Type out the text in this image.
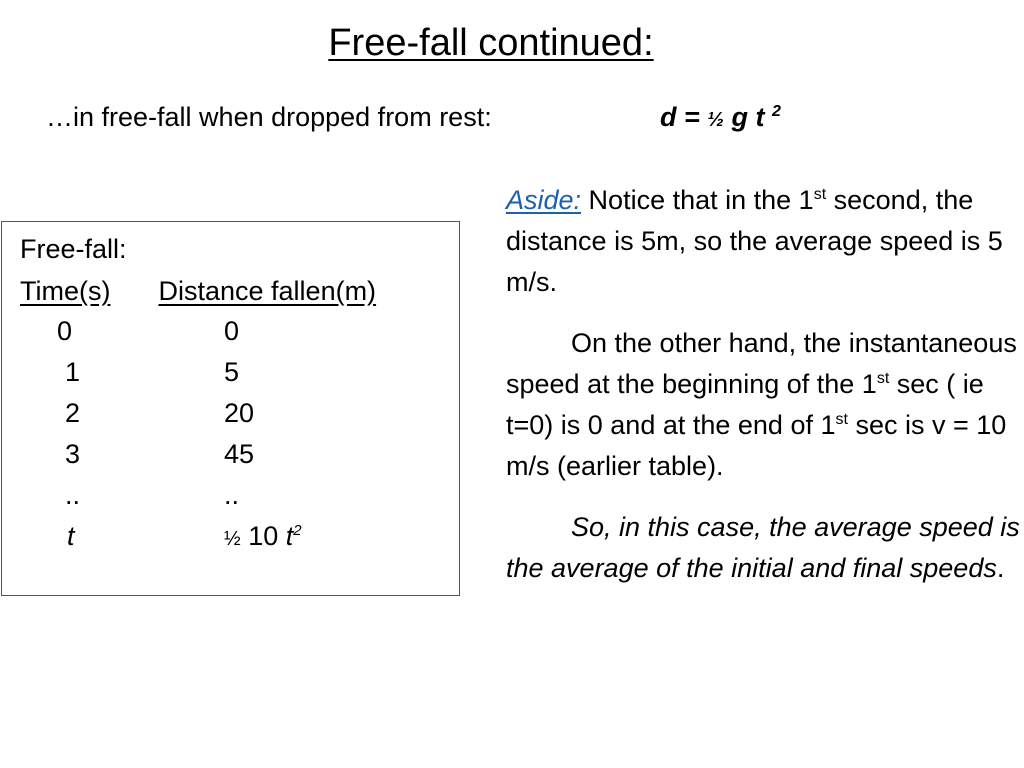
Free-fall continued:
…in free-fall when dropped from rest:	d = ½ g t $^2$
Free-fall:
Time(s) Distance fallen(m)
0	0
1	5
2	20
3	45
..	..
t	½ 10 $t^2$

Aside: Notice that in the 1st second, the distance is 5m, so the average speed is 5 m/s.

On the other hand, the instantaneous speed at the beginning of the 1st sec ( ie t=0) is 0 and at the end of 1st sec is v = 10 m/s (earlier table).

So, in this case, the average speed is the average of the initial and final speeds.
